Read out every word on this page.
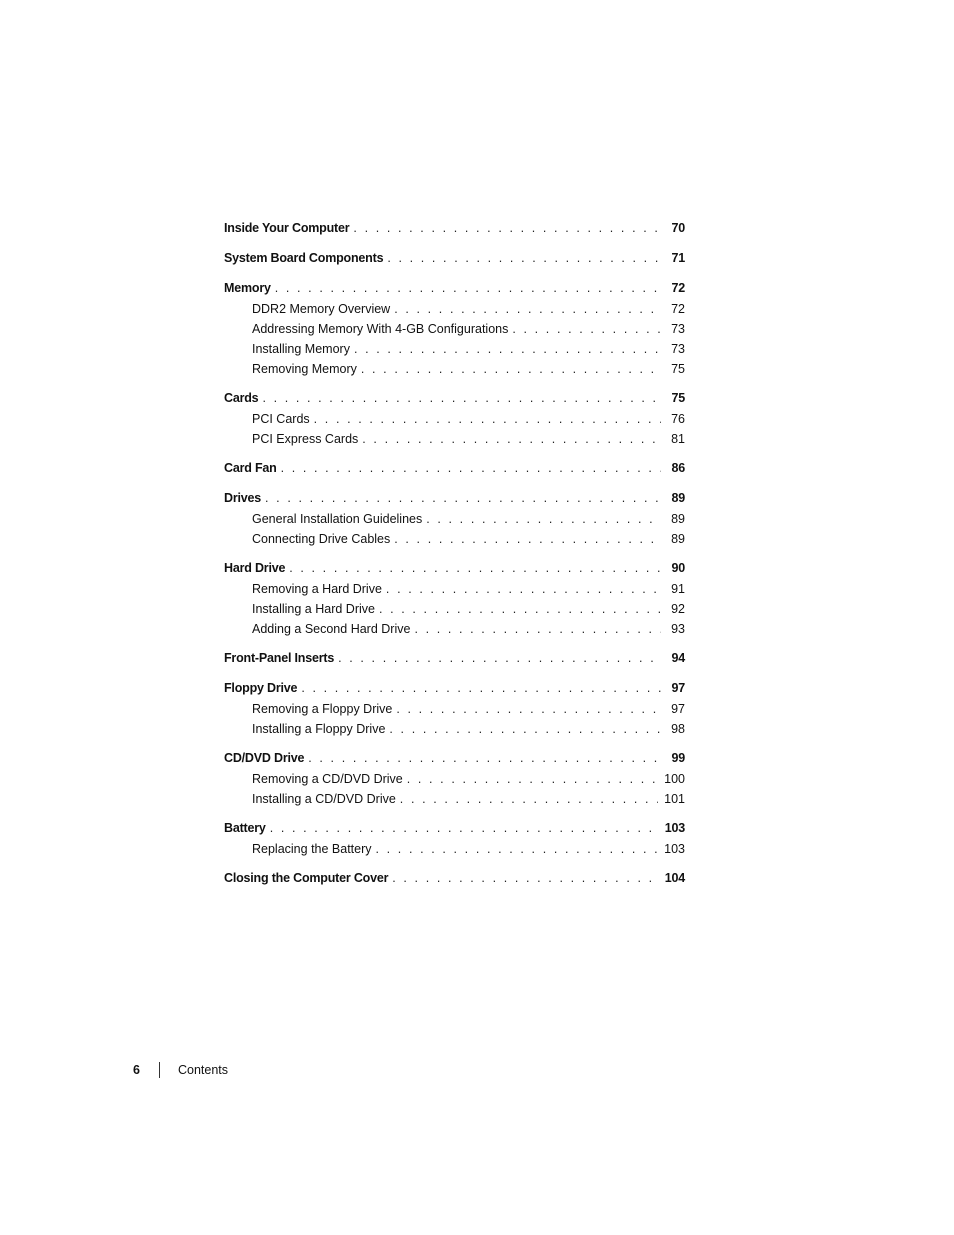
Inside Your Computer . . .	70
System Board Components . . .	71
Memory . . .	72
DDR2 Memory Overview . . .	72
Addressing Memory With 4-GB Configurations . . .	73
Installing Memory . . .	73
Removing Memory . . .	75
Cards . . .	75
PCI Cards . . .	76
PCI Express Cards . . .	81
Card Fan . . .	86
Drives . . .	89
General Installation Guidelines . . .	89
Connecting Drive Cables . . .	89
Hard Drive . . .	90
Removing a Hard Drive . . .	91
Installing a Hard Drive . . .	92
Adding a Second Hard Drive . . .	93
Front-Panel Inserts . . .	94
Floppy Drive . . .	97
Removing a Floppy Drive . . .	97
Installing a Floppy Drive . . .	98
CD/DVD Drive . . .	99
Removing a CD/DVD Drive . . .	100
Installing a CD/DVD Drive . . .	101
Battery . . .	103
Replacing the Battery . . .	103
Closing the Computer Cover . . .	104
6	Contents
